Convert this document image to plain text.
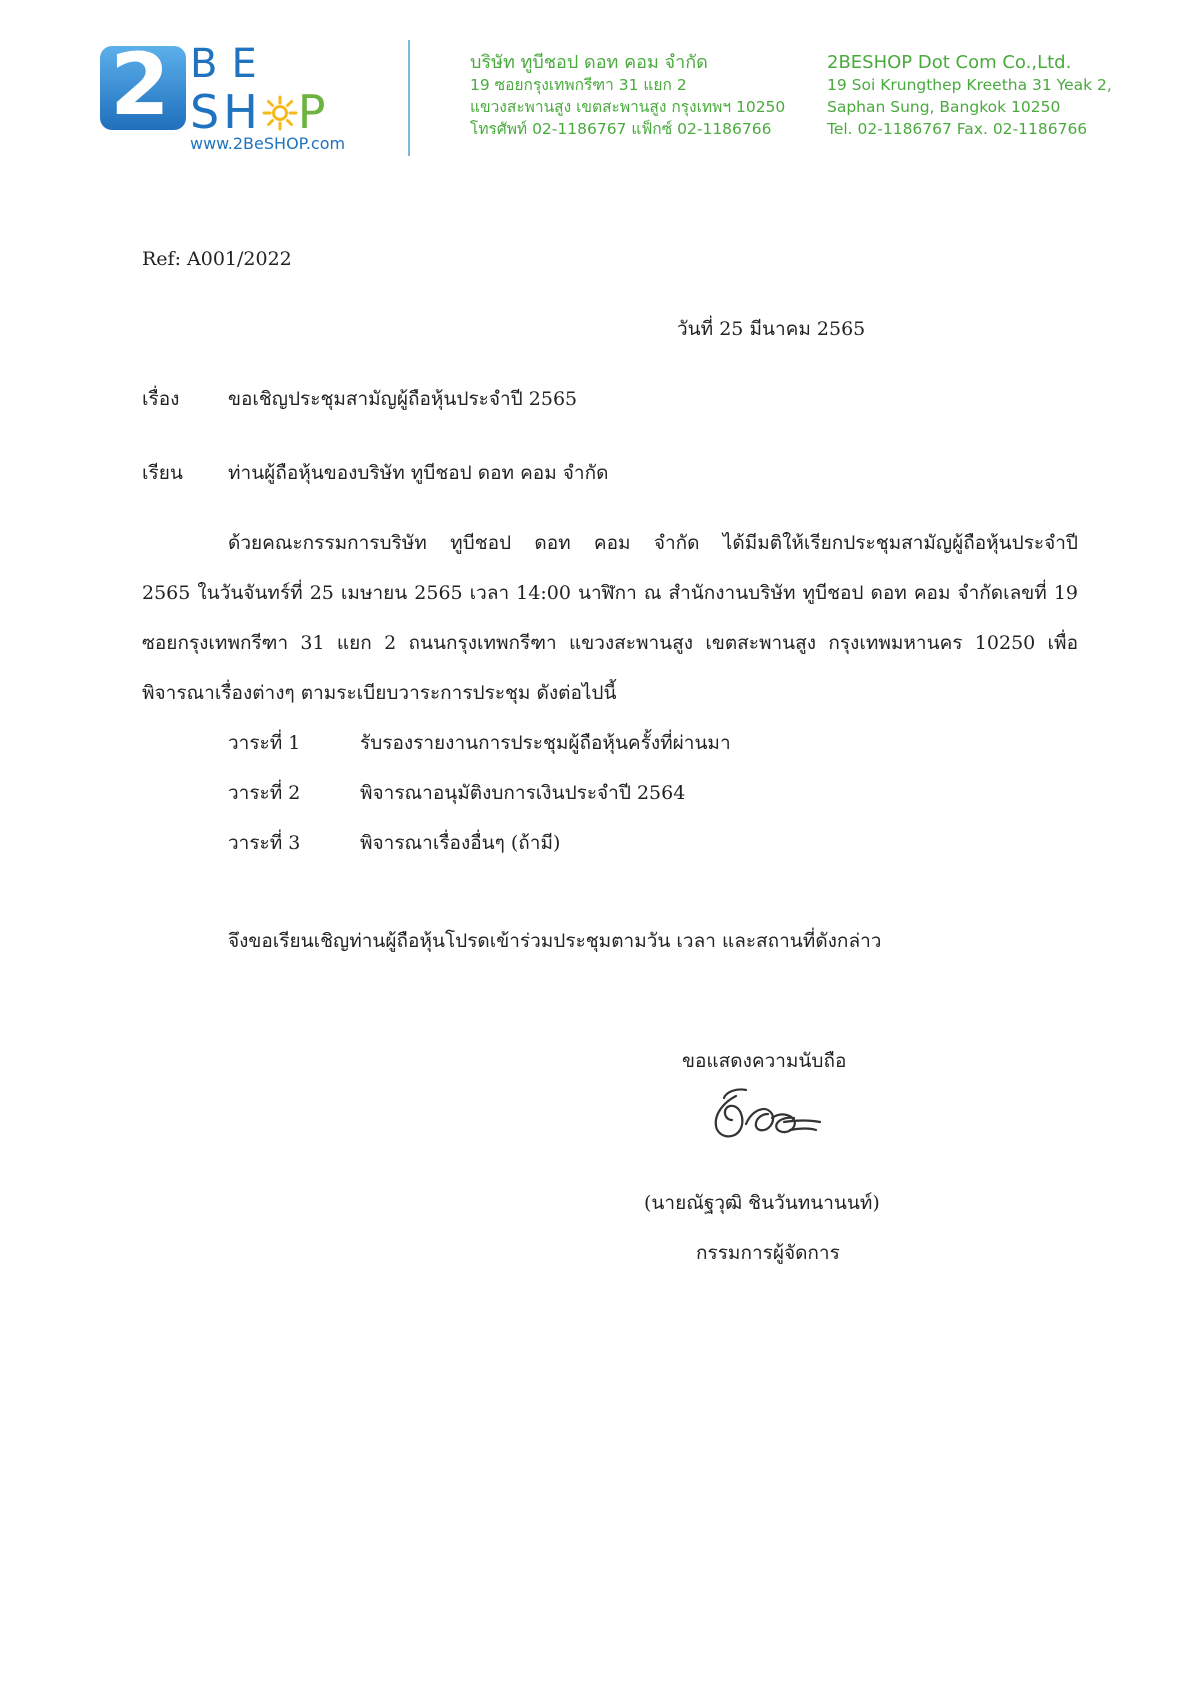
2 BE
SH P
www.2BeSHOP.com
บริษัท ทูบีชอป ดอท คอม จำกัด
19 ซอยกรุงเทพกรีฑา 31 แยก 2
แขวงสะพานสูง เขตสะพานสูง กรุงเทพฯ 10250
โทรศัพท์ 02-1186767 แฟ็กซ์ 02-1186766
2BESHOP Dot Com Co.,Ltd.
19 Soi Krungthep Kreetha 31 Yeak 2,
Saphan Sung, Bangkok 10250
Tel. 02-1186767 Fax. 02-1186766
Ref: A001/2022
วันที่ 25 มีนาคม 2565
เรื่อง	ขอเชิญประชุมสามัญผู้ถือหุ้นประจำปี 2565
เรียน ท่านผู้ถือหุ้นของบริษัท ทูบีชอป ดอท คอม จำกัด
ด้วยคณะกรรมการบริษัท ทูบีชอป ดอท คอม จำกัด ได้มีมติให้เรียกประชุมสามัญผู้ถือหุ้นประจำปี
2565 ในวันจันทร์ที่ 25 เมษายน 2565 เวลา 14:00 นาฬิกา ณ สำนักงานบริษัท ทูบีชอป ดอท คอม จำกัดเลขที่ 19
ซอยกรุงเทพกรีฑา 31 แยก 2 ถนนกรุงเทพกรีฑา แขวงสะพานสูง เขตสะพานสูง กรุงเทพมหานคร 10250 เพื่อ
พิจารณาเรื่องต่างๆ ตามระเบียบวาระการประชุม ดังต่อไปนี้
วาระที่ 1	รับรองรายงานการประชุมผู้ถือหุ้นครั้งที่ผ่านมา
วาระที่ 2	พิจารณาอนุมัติงบการเงินประจำปี 2564
วาระที่ 3	พิจารณาเรื่องอื่นๆ (ถ้ามี)
จึงขอเรียนเชิญท่านผู้ถือหุ้นโปรดเข้าร่วมประชุมตามวัน เวลา และสถานที่ดังกล่าว
ขอแสดงความนับถือ
(นายณัฐวุฒิ ชินวันทนานนท์)
กรรมการผู้จัดการ
